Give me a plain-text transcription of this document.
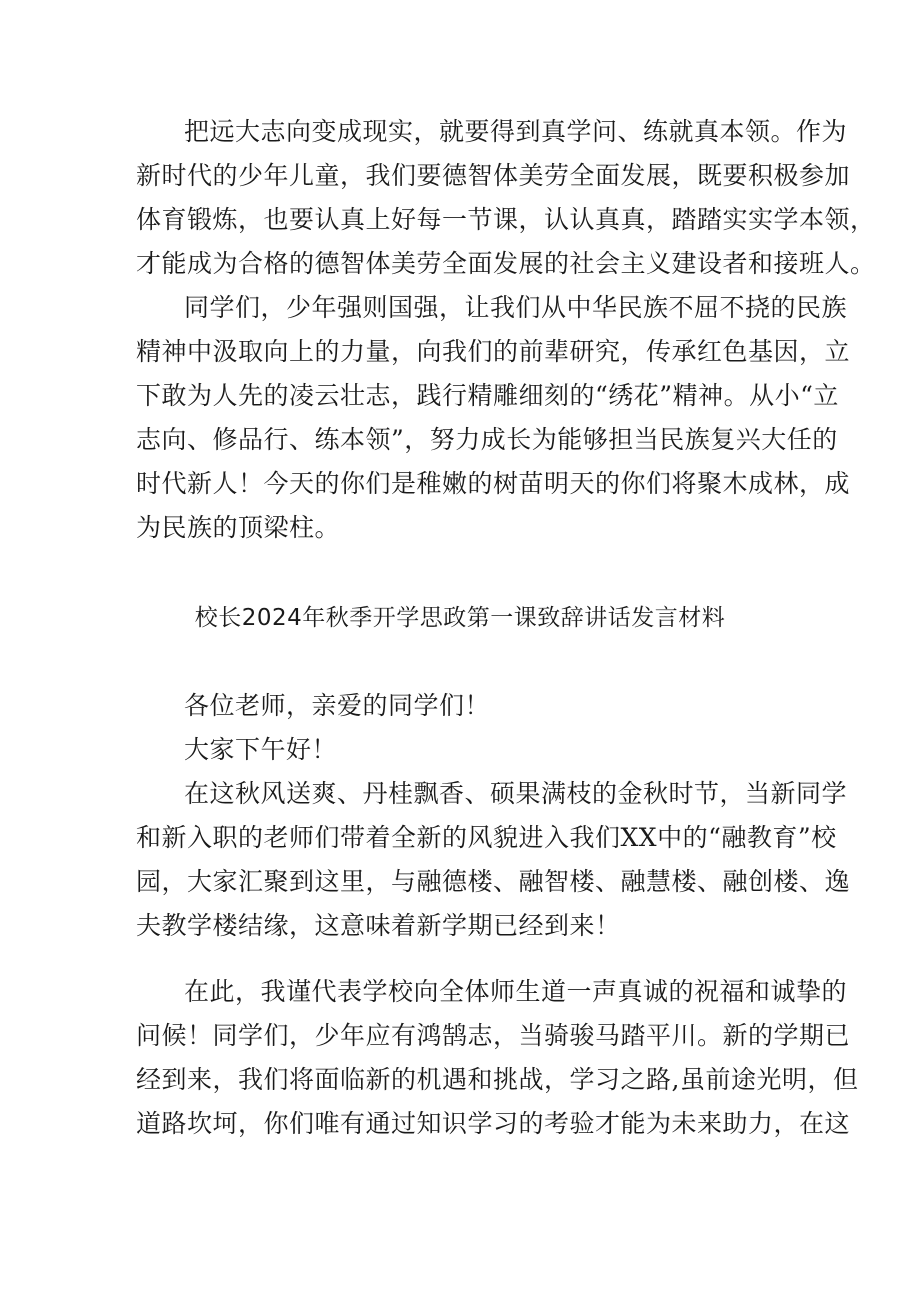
把远大志向变成现实，就要得到真学问、练就真本领。作为
新时代的少年儿童，我们要德智体美劳全面发展，既要积极参加
体育锻炼，也要认真上好每一节课，认认真真，踏踏实实学本领，
才能成为合格的德智体美劳全面发展的社会主义建设者和接班人。
同学们，少年强则国强，让我们从中华民族不屈不挠的民族
精神中汲取向上的力量，向我们的前辈研究，传承红色基因，立
下敢为人先的凌云壮志，践行精雕细刻的“绣花”精神。从小“立
志向、修品行、练本领”，努力成长为能够担当民族复兴大任的
时代新人！今天的你们是稚嫩的树苗明天的你们将聚木成林，成
为民族的顶梁柱。
校长2024年秋季开学思政第一课致辞讲话发言材料
各位老师，亲爱的同学们！
大家下午好！
在这秋风送爽、丹桂飘香、硕果满枝的金秋时节，当新同学
和新入职的老师们带着全新的风貌进入我们XX中的“融教育”校
园，大家汇聚到这里，与融德楼、融智楼、融慧楼、融创楼、逸
夫教学楼结缘，这意味着新学期已经到来！
在此，我谨代表学校向全体师生道一声真诚的祝福和诚挚的
问候！同学们，少年应有鸿鹄志，当骑骏马踏平川。新的学期已
经到来，我们将面临新的机遇和挑战，学习之路,虽前途光明，但
道路坎坷，你们唯有通过知识学习的考验才能为未来助力，在这
